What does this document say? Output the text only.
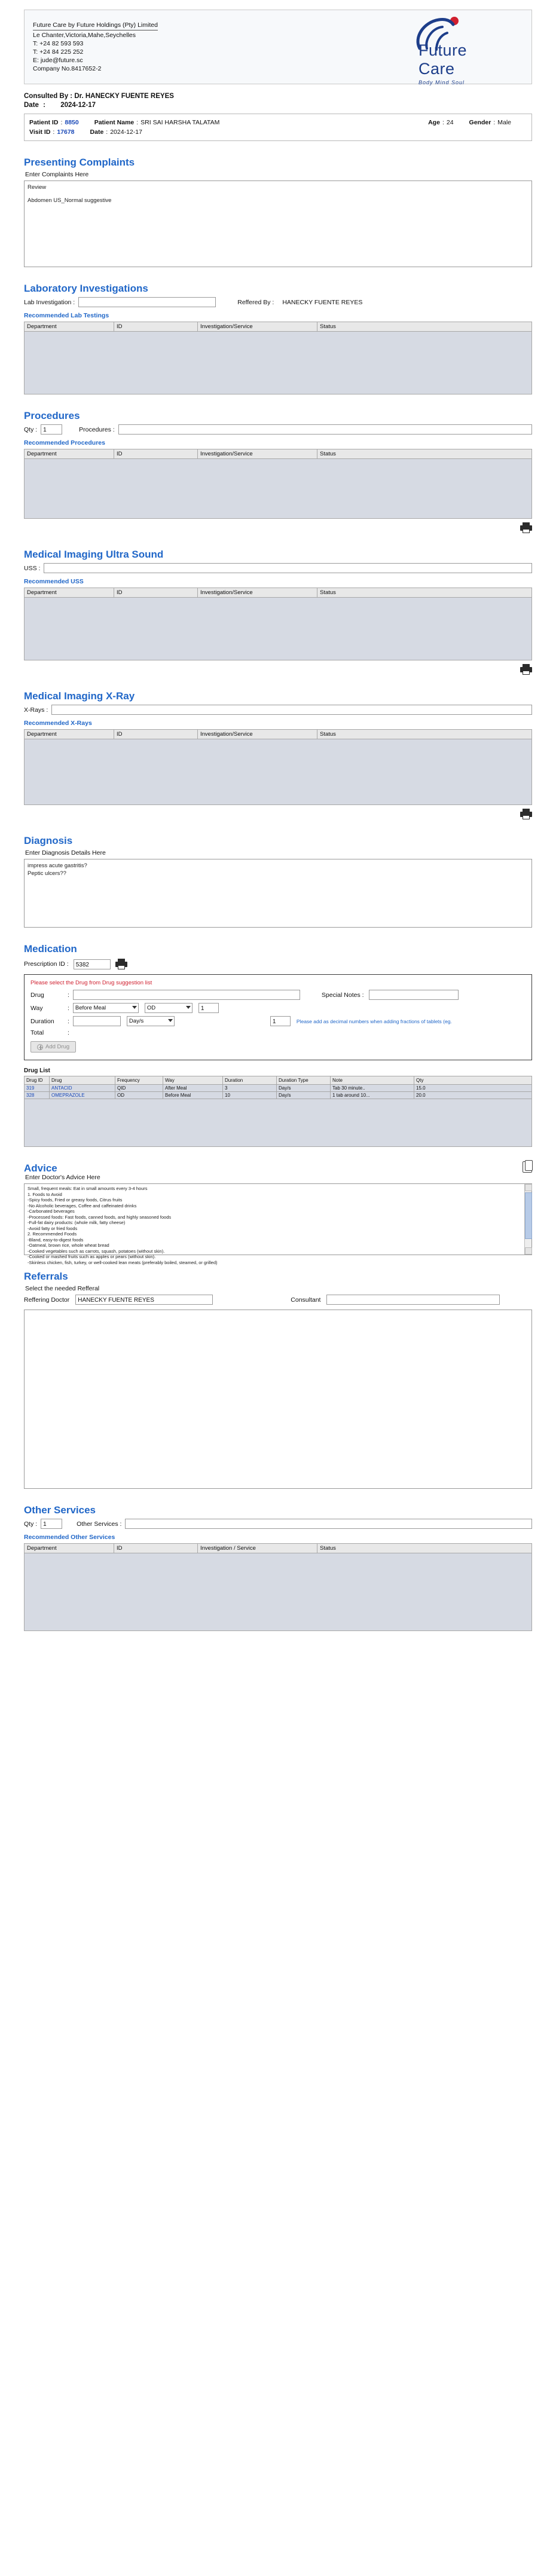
Future Care by Future Holdings (Pty) Limited
Le Chanter,Victoria,Mahe,Seychelles
T: +24 82 593 593
T: +24 84 225 252
E: jude@future.sc
Company No.8417652-2
Future
Care
Body Mind Soul
Consulted By : Dr. HANECKY FUENTE REYES
Date : 2024-12-17
Patient ID : 8850 Patient Name : SRI SAI HARSHA TALATAM	Age : 24 Gender : Male
Visit ID : 17678 Date : 2024-12-17
Presenting Complaints
Enter Complaints Here
Review
Abdomen US_Normal suggestive
Laboratory Investigations
Lab Investigation :	Reffered By : HANECKY FUENTE REYES
Recommended Lab Testings
Department	ID	Investigation/Service	Status
Procedures
Qty :	1	Procedures :
Recommended Procedures
Department	ID	Investigation/Service	Status
Medical Imaging Ultra Sound
USS :
Recommended USS
Department	ID	Investigation/Service	Status
Medical Imaging X-Ray
X-Rays :
Recommended X-Rays
Department	ID	Investigation/Service	Status
Diagnosis
Enter Diagnosis Details Here
impress acute gastritis?
Peptic ulcers??
Medication
Prescription ID :	5382
Please select the Drug from Drug suggestion list
Drug	:	Special Notes :
Way	: Before Meal	OD	1
Duration	:	Day/s	1	Please add as decimal numbers when adding fractions of tablets (eg.
Total	:
Add Drug
Drug List
Drug ID	Drug	Frequency	Way	Duration	Duration Type	Note	Qty
319	ANTACID	QID	After Meal	3	Day/s	Tab 30 minute..	15.0
328	OMEPRAZOLE	OD	Before Meal	10	Day/s	1 tab around 10...	20.0
Advice
Enter Doctor's Advice Here
Small, frequent meals: Eat in small amounts every 3-4 hours
1. Foods to Avoid
-Spicy foods, Fried or greasy foods, Citrus fruits
-No Alcoholic beverages, Coffee and caffeinated drinks
-Carbonated beverages
-Processed foods: Fast foods, canned foods, and highly seasoned foods
-Full-fat dairy products: (whole milk, fatty cheese)
-Avoid fatty or fried foods
2. Recommended Foods
-Bland, easy-to-digest foods
-Oatmeal, brown rice, whole wheat bread
-Cooked vegetables such as carrots, squash, potatoes (without skin).
-Cooked or mashed fruits such as apples or pears (without skin).
-Skinless chicken, fish, turkey, or well-cooked lean meats (preferably boiled, steamed, or grilled)
Referrals
Select the needed Refferal
Reffering Doctor	HANECKY FUENTE REYES	Consultant
Other Services
Qty :	1	Other Services :
Recommended Other Services
Department	ID	Investigation / Service	Status
